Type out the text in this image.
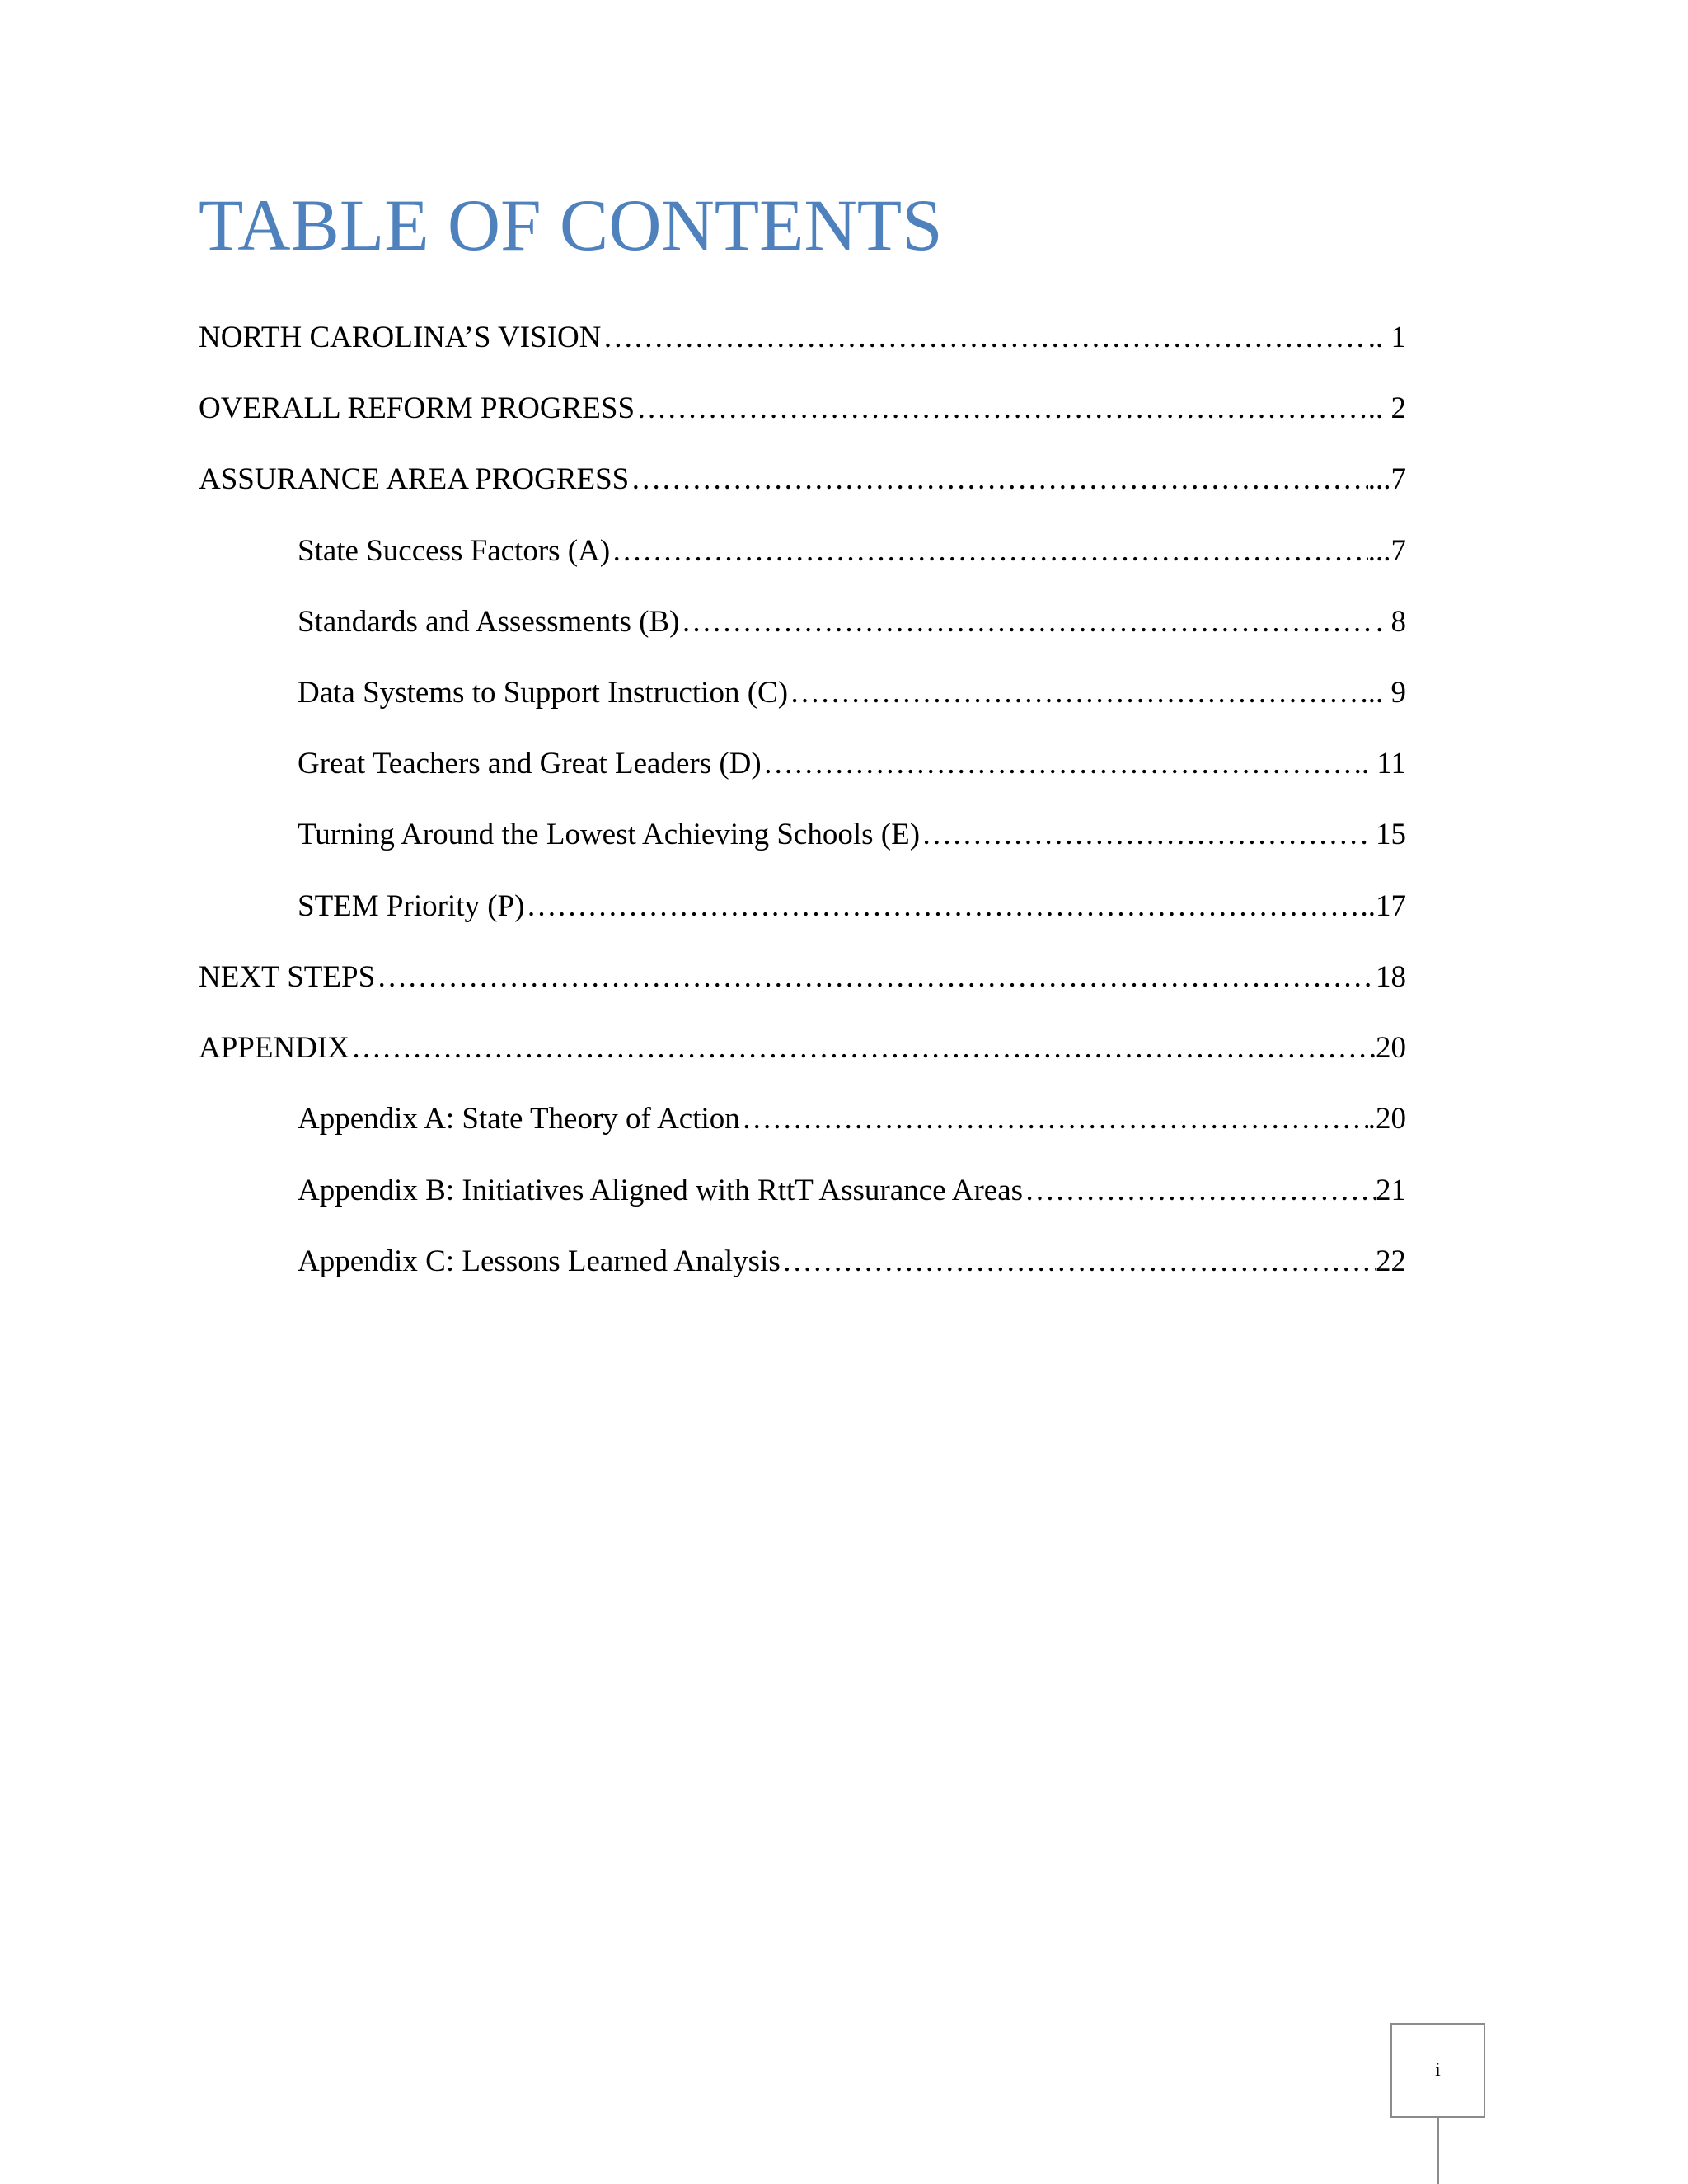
TABLE OF CONTENTS
NORTH CAROLINA’S VISION …………………………………………………………………………………………………………………………………………………………………………………………………………	.. 1
OVERALL REFORM PROGRESS …………………………………………………………………………………………………………………………………………………………………………………………………………	.. 2
ASSURANCE AREA PROGRESS …………………………………………………………………………………………………………………………………………………………………………………………………………	...7
State Success Factors (A) …………………………………………………………………………………………………………………………………………………………………………………………………………	...7
Standards and Assessments (B) …………………………………………………………………………………………………………………………………………………………………………………………………………	. 8
Data Systems to Support Instruction (C) …………………………………………………………………………………………………………………………………………………………………………………………………………	... 9
Great Teachers and Great Leaders (D) …………………………………………………………………………………………………………………………………………………………………………………………………………	.. 11
Turning Around the Lowest Achieving Schools (E) …………………………………………………………………………………………………………………………………………………………………………………………………………	. 15
STEM Priority (P) …………………………………………………………………………………………………………………………………………………………………………………………………………	..17
NEXT STEPS …………………………………………………………………………………………………………………………………………………………………………………………………………	18
APPENDIX …………………………………………………………………………………………………………………………………………………………………………………………………………	20
Appendix A: State Theory of Action …………………………………………………………………………………………………………………………………………………………………………………………………………	.20
Appendix B: Initiatives Aligned with RttT Assurance Areas …………………………………………………………………………………………………………………………………………………………………………………………………………	21
Appendix C: Lessons Learned Analysis …………………………………………………………………………………………………………………………………………………………………………………………………………	22
i
